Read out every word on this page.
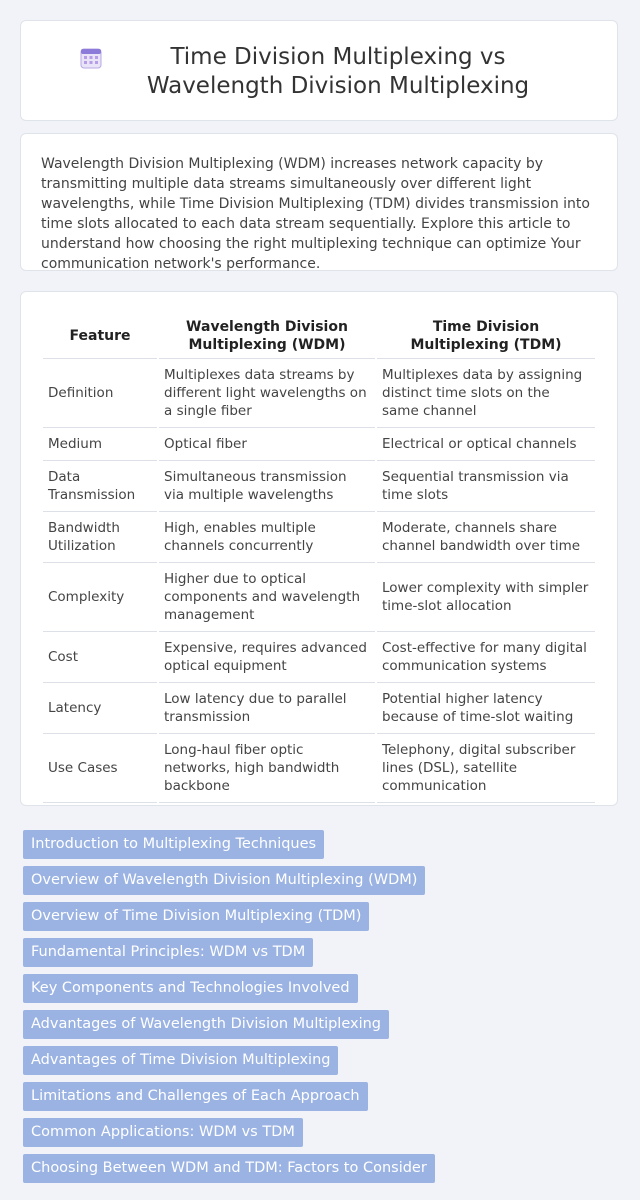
Time Division Multiplexing vs Wavelength Division Multiplexing

Wavelength Division Multiplexing (WDM) increases network capacity by transmitting multiple data streams simultaneously over different light wavelengths, while Time Division Multiplexing (TDM) divides transmission into time slots allocated to each data stream sequentially. Explore this article to understand how choosing the right multiplexing technique can optimize Your communication network's performance.

Feature	Wavelength Division Multiplexing (WDM)	Time Division Multiplexing (TDM)
Definition	Multiplexes data streams by different light wavelengths on a single fiber	Multiplexes data by assigning distinct time slots on the same channel
Medium	Optical fiber	Electrical or optical channels
Data Transmission	Simultaneous transmission via multiple wavelengths	Sequential transmission via time slots
Bandwidth Utilization	High, enables multiple channels concurrently	Moderate, channels share channel bandwidth over time
Complexity	Higher due to optical components and wavelength management	Lower complexity with simpler time-slot allocation
Cost	Expensive, requires advanced optical equipment	Cost-effective for many digital communication systems
Latency	Low latency due to parallel transmission	Potential higher latency because of time-slot waiting
Use Cases	Long-haul fiber optic networks, high bandwidth backbone	Telephony, digital subscriber lines (DSL), satellite communication
Introduction to Multiplexing Techniques
Overview of Wavelength Division Multiplexing (WDM)
Overview of Time Division Multiplexing (TDM)
Fundamental Principles: WDM vs TDM
Key Components and Technologies Involved
Advantages of Wavelength Division Multiplexing
Advantages of Time Division Multiplexing
Limitations and Challenges of Each Approach
Common Applications: WDM vs TDM
Choosing Between WDM and TDM: Factors to Consider
